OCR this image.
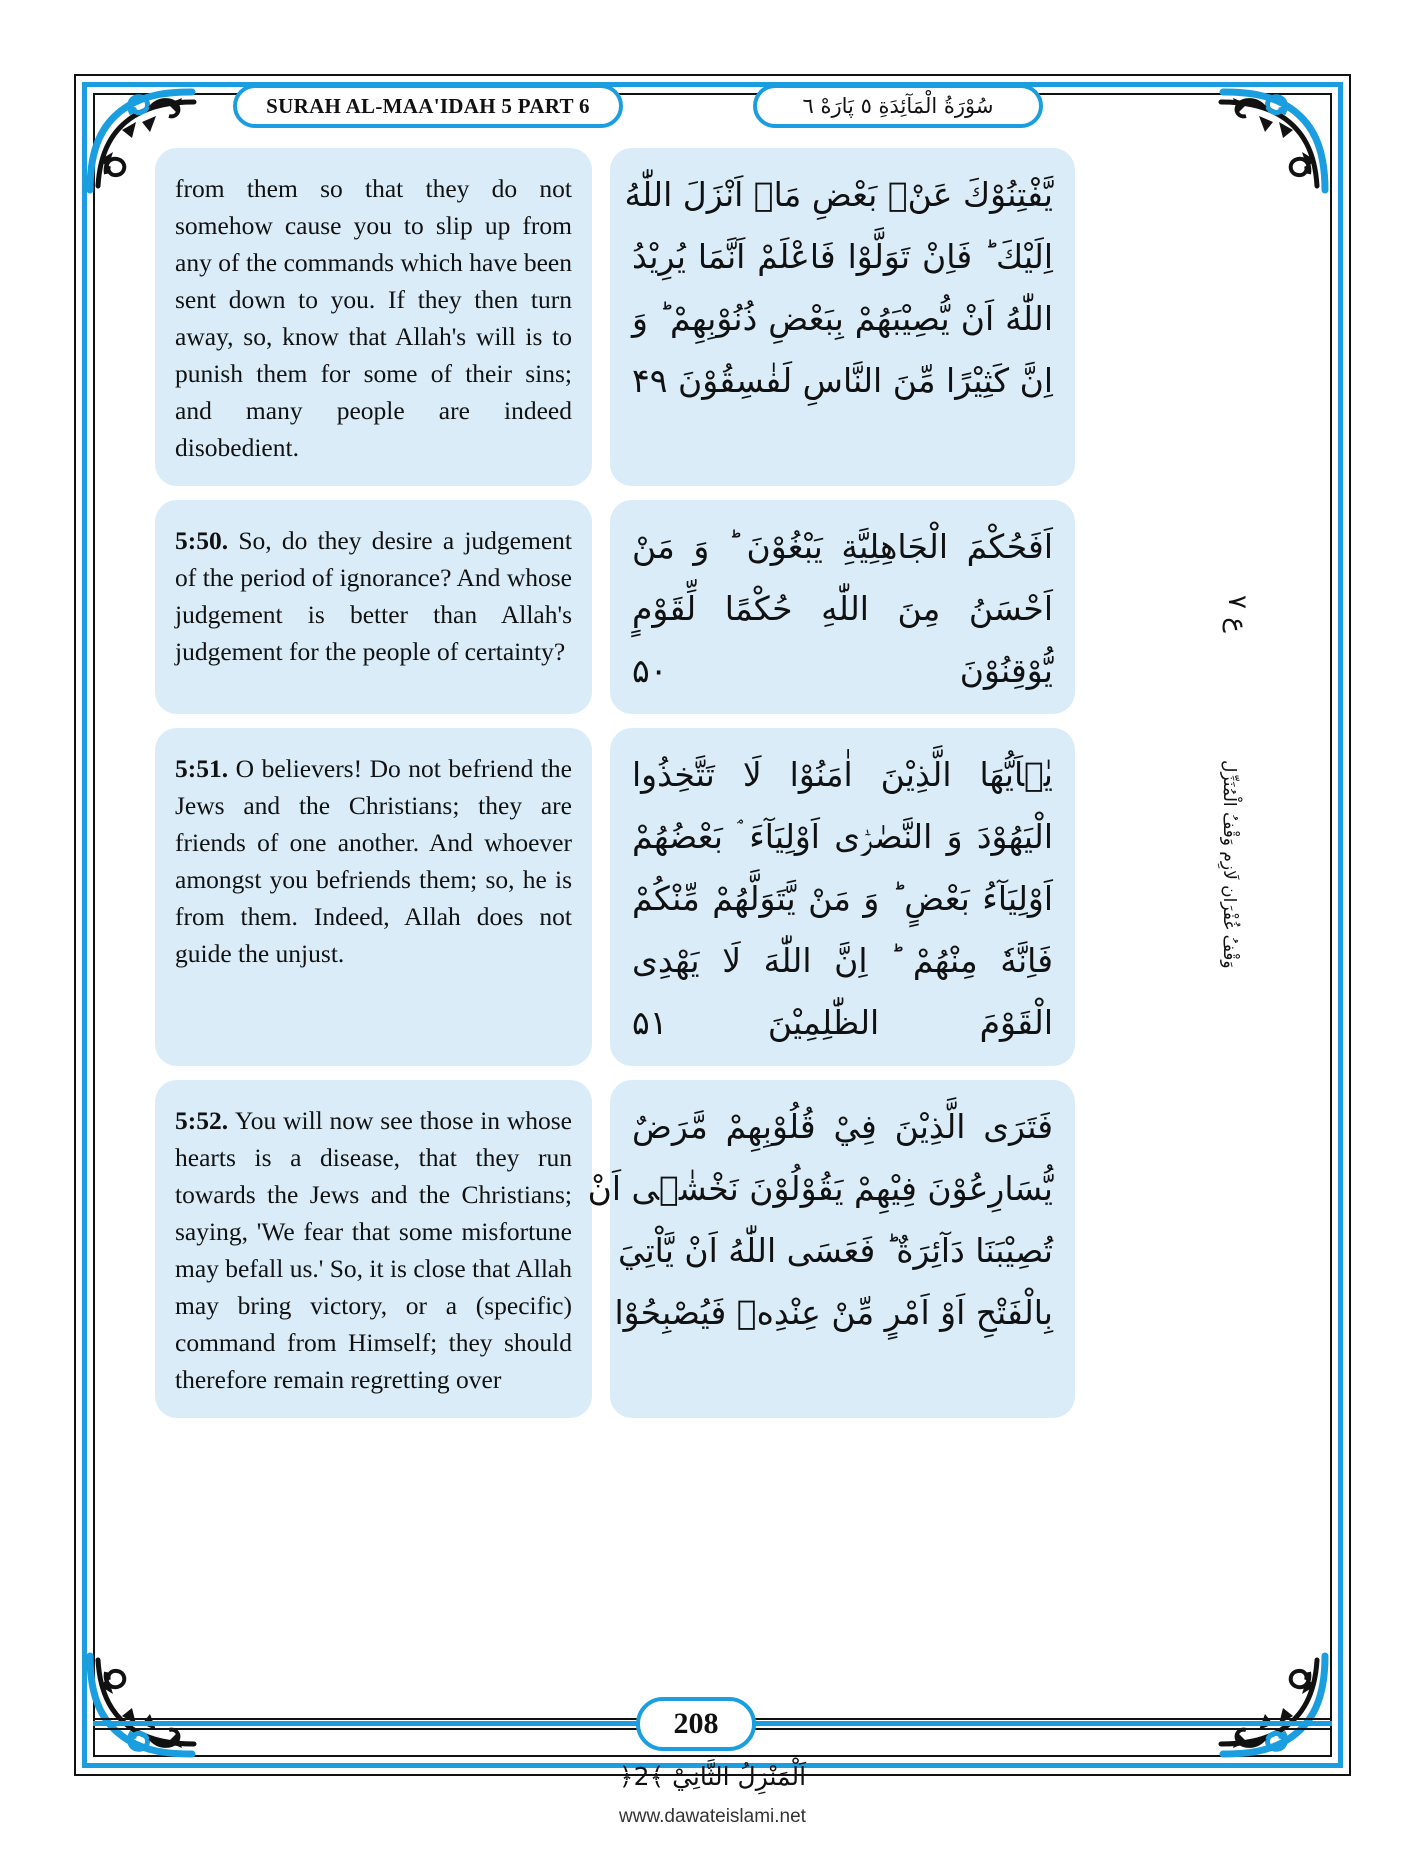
SURAH AL-MAA'IDAH 5 PART 6	سُوْرَةُ الْمَآئِدَةِ ٥ پَارَهْ ٦
from them so that they do not somehow cause you to slip up from any of the commands which have been sent down to you. If they then turn away, so, know that Allah's will is to punish them for some of their sins; and many people are indeed disobedient.
يَّفْتِنُوْكَ عَنْۢ بَعْضِ مَاۤ اَنْزَلَ اللّٰهُ
اِلَيْكَ ؕ فَاِنْ تَوَلَّوْا فَاعْلَمْ اَنَّمَا يُرِيْدُ
اللّٰهُ اَنْ يُّصِيْبَهُمْ بِبَعْضِ ذُنُوْبِهِمْ ؕ وَ
اِنَّ كَثِيْرًا مِّنَ النَّاسِ لَفٰسِقُوْنَ ۴۹
5:50. So, do they desire a judgement of the period of ignorance? And whose judgement is better than Allah's judgement for the people of certainty?
اَفَحُكْمَ الْجَاهِلِيَّةِ يَبْغُوْنَ ؕ وَ مَنْ
اَحْسَنُ مِنَ اللّٰهِ حُكْمًا لِّقَوْمٍ
يُّوْقِنُوْنَ ۵۰
5:51. O believers! Do not befriend the Jews and the Christians; they are friends of one another. And whoever amongst you befriends them; so, he is from them. Indeed, Allah does not guide the unjust.
يٰۤاَيُّهَا الَّذِيْنَ اٰمَنُوْا لَا تَتَّخِذُوا
الْيَهُوْدَ وَ النَّصٰرٰۤى اَوْلِيَآءَ ۘ بَعْضُهُمْ
اَوْلِيَآءُ بَعْضٍ ؕ وَ مَنْ يَّتَوَلَّهُمْ مِّنْكُمْ
فَاِنَّهٗ مِنْهُمْ ؕ اِنَّ اللّٰهَ لَا يَهْدِى
الْقَوْمَ الظّٰلِمِيْنَ ۵۱
5:52. You will now see those in whose hearts is a disease, that they run towards the Jews and the Christians; saying, 'We fear that some misfortune may befall us.' So, it is close that Allah may bring victory, or a (specific) command from Himself; they should therefore remain regretting over
فَتَرَى الَّذِيْنَ فِيْ قُلُوْبِهِمْ مَّرَضٌ
يُّسَارِعُوْنَ فِيْهِمْ يَقُوْلُوْنَ نَخْشٰۤى اَنْ
تُصِيْبَنَا دَآئِرَةٌ ؕ فَعَسَى اللّٰهُ اَنْ يَّاْتِيَ
بِالْفَتْحِ اَوْ اَمْرٍ مِّنْ عِنْدِهٖ فَيُصْبِحُوْا
ع ۷
وَقْفُ غُفْرَان لَازِم وَقْفُ الْمُنَزِّل
208
اَلْمَنْزِلُ الثَّانِيْ ﴾2﴿
www.dawateislami.net
